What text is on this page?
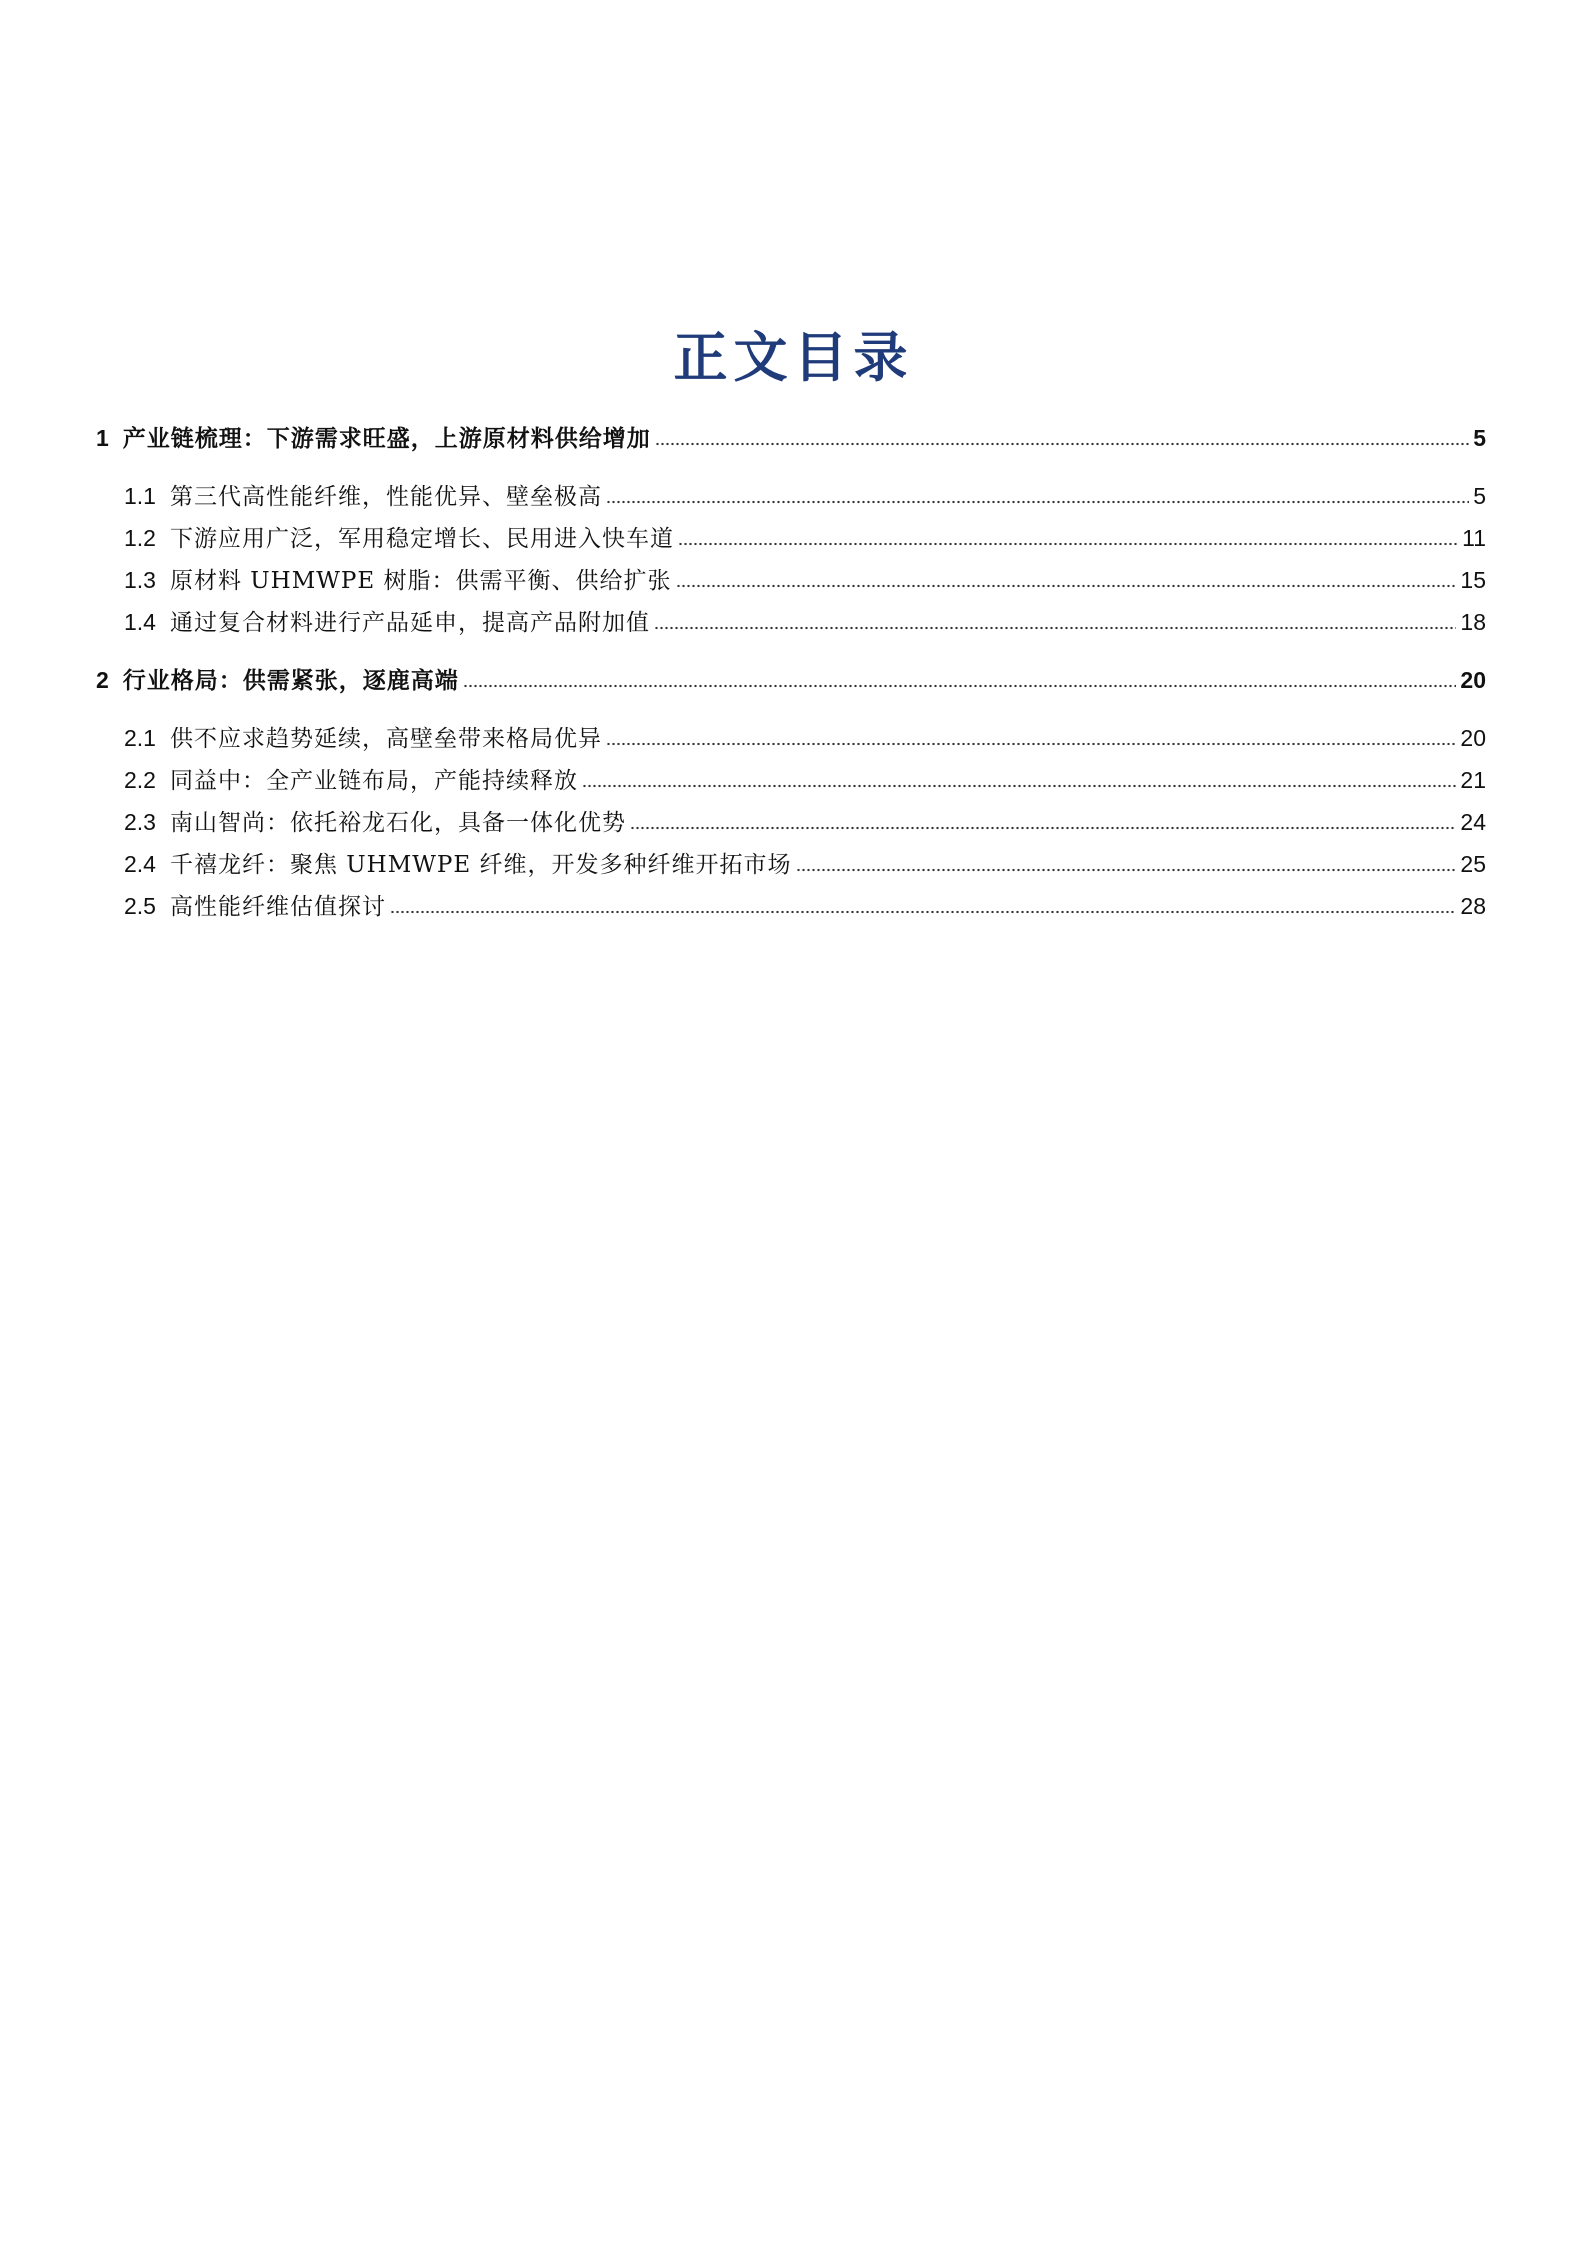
正文目录
1 产业链梳理：下游需求旺盛，上游原材料供给增加	5
1.1 第三代高性能纤维，性能优异、壁垒极高	5
1.2 下游应用广泛，军用稳定增长、民用进入快车道	11
1.3 原材料 UHMWPE 树脂：供需平衡、供给扩张	15
1.4 通过复合材料进行产品延申，提高产品附加值	18
2 行业格局：供需紧张，逐鹿高端	20
2.1 供不应求趋势延续，高壁垒带来格局优异	20
2.2 同益中：全产业链布局，产能持续释放	21
2.3 南山智尚：依托裕龙石化，具备一体化优势	24
2.4 千禧龙纤：聚焦 UHMWPE 纤维，开发多种纤维开拓市场	25
2.5 高性能纤维估值探讨	28
